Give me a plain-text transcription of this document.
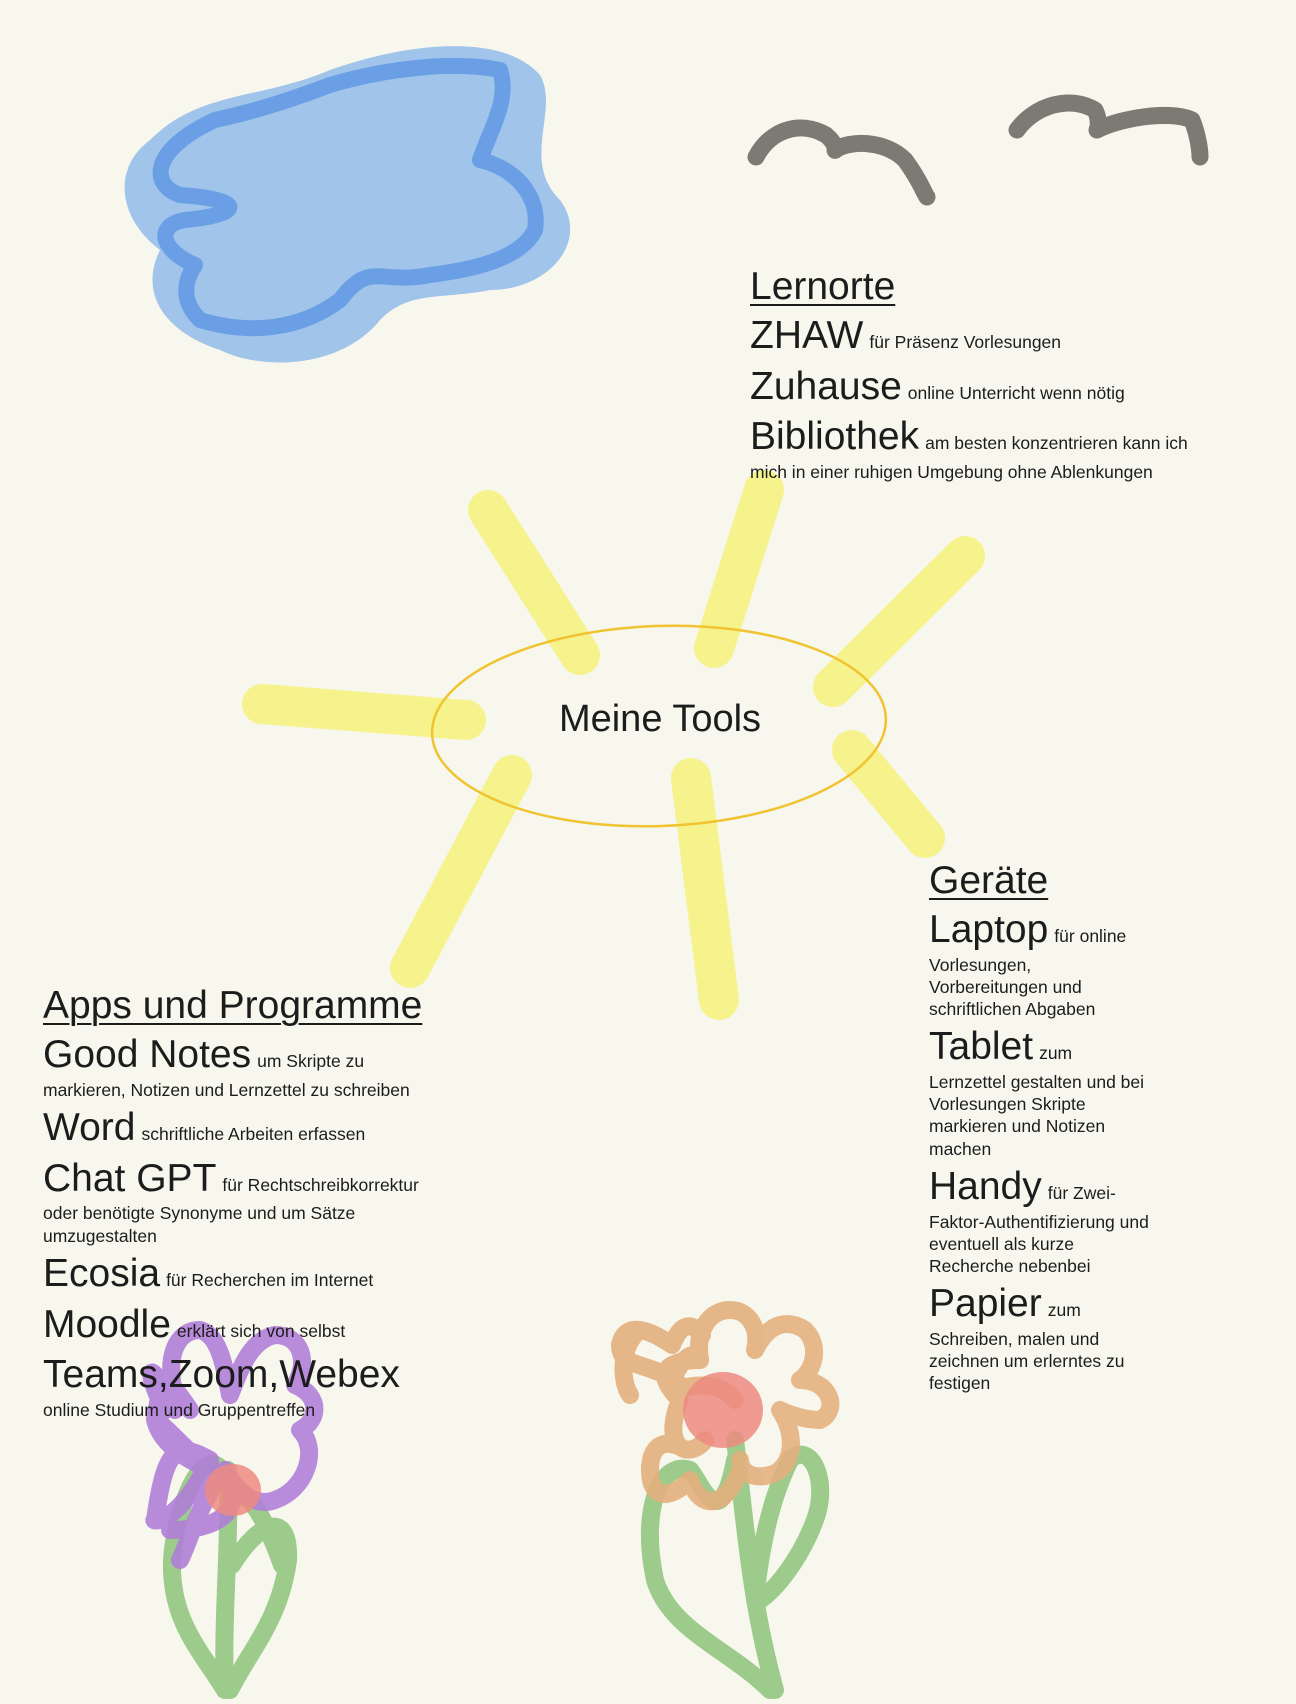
Meine Tools
Lernorte
ZHAW für Präsenz Vorlesungen
Zuhause online Unterricht wenn nötig
Bibliothek am besten konzentrieren kann ich mich in einer ruhigen Umgebung ohne Ablenkungen
Apps und Programme
Good Notes um Skripte zu markieren, Notizen und Lernzettel zu schreiben
Word schriftliche Arbeiten erfassen
Chat GPT für Rechtschreibkorrektur oder benötigte Synonyme und um Sätze umzugestalten
Ecosia für Recherchen im Internet
Moodle erklärt sich von selbst
Teams,Zoom,Webex
online Studium und Gruppentreffen
Geräte
Laptop für online Vorlesungen, Vorbereitungen und schriftlichen Abgaben
Tablet zum Lernzettel gestalten und bei Vorlesungen Skripte markieren und Notizen machen
Handy für Zwei-Faktor-Authentifizierung und eventuell als kurze Recherche nebenbei
Papier zum Schreiben, malen und zeichnen um erlerntes zu festigen
